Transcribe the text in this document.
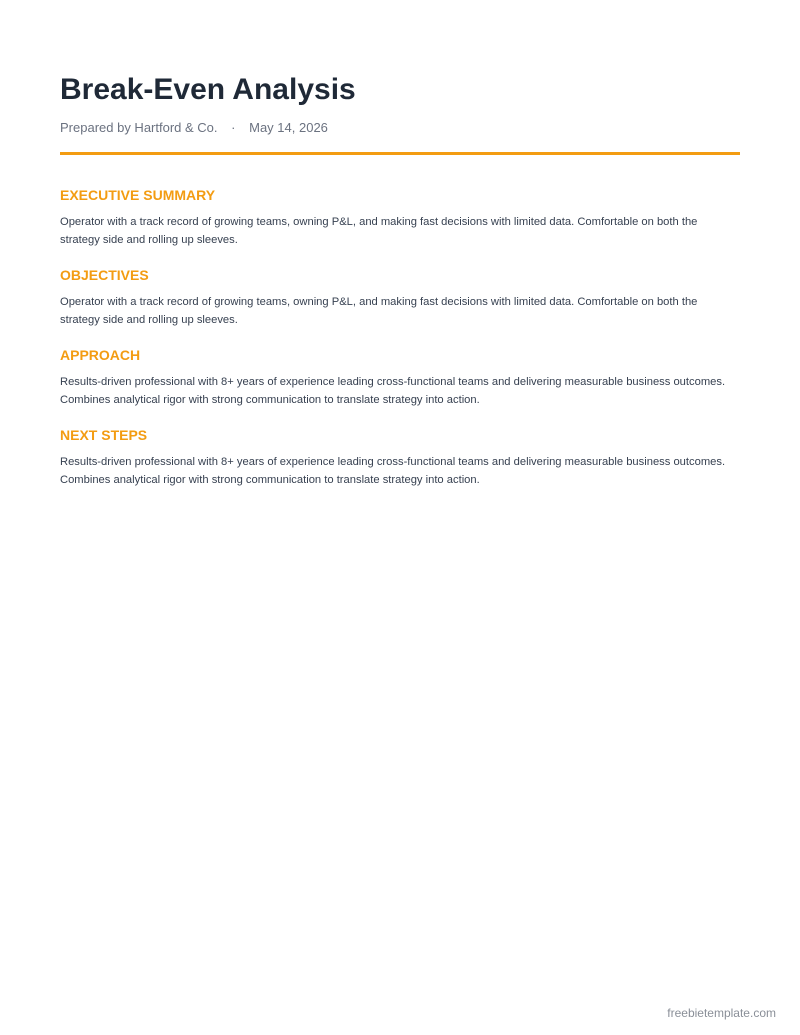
Break-Even Analysis
Prepared by Hartford & Co. · May 14, 2026
EXECUTIVE SUMMARY

Operator with a track record of growing teams, owning P&L, and making fast decisions with limited data. Comfortable on both the strategy side and rolling up sleeves.

OBJECTIVES

Operator with a track record of growing teams, owning P&L, and making fast decisions with limited data. Comfortable on both the strategy side and rolling up sleeves.

APPROACH

Results-driven professional with 8+ years of experience leading cross-functional teams and delivering measurable business outcomes. Combines analytical rigor with strong communication to translate strategy into action.

NEXT STEPS

Results-driven professional with 8+ years of experience leading cross-functional teams and delivering measurable business outcomes. Combines analytical rigor with strong communication to translate strategy into action.

freebietemplate.com
